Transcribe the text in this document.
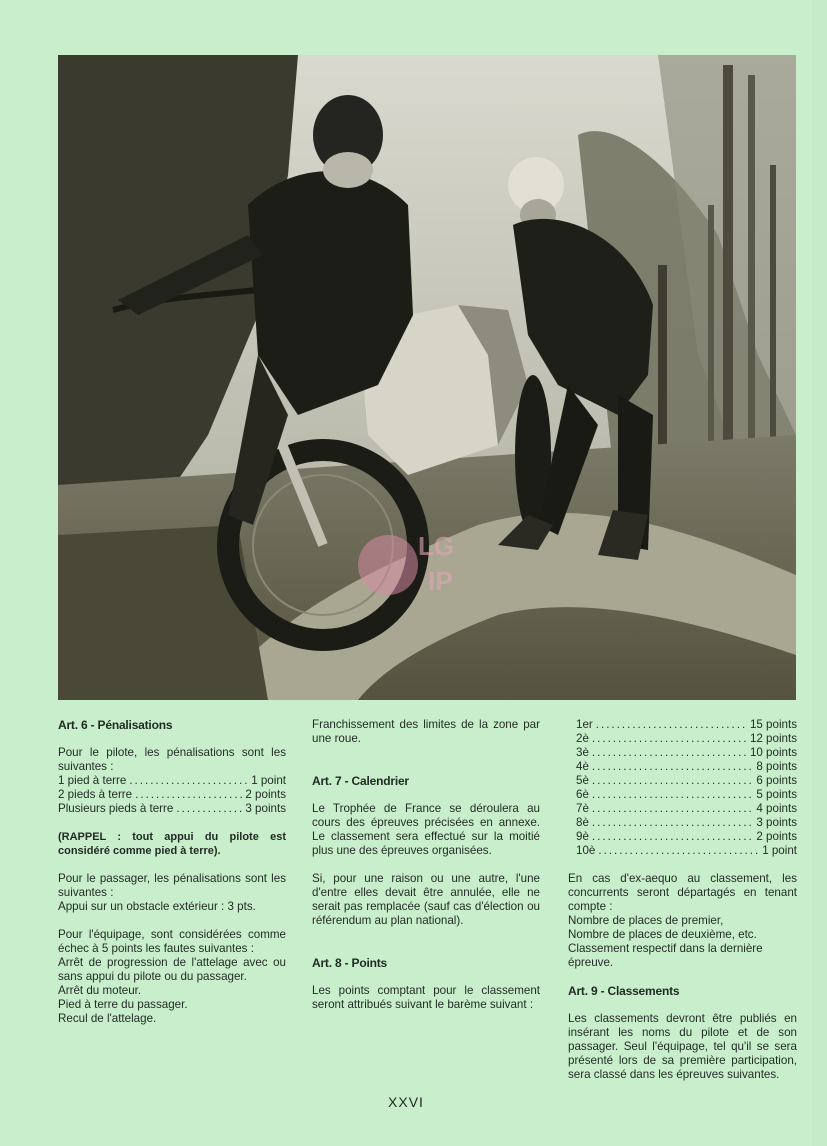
LG
IP
Art. 6 - Pénalisations

Pour le pilote, les pénalisations sont les suivantes :

1 pied à terre .....	1 point
2 pieds à terre .....	2 points
Plusieurs pieds à terre .....	3 points

(RAPPEL : tout appui du pilote est considéré comme pied à terre).

Pour le passager, les pénalisations sont les suivantes :

Appui sur un obstacle extérieur : 3 pts.

Pour l'équipage, sont considérées comme échec à 5 points les fautes suivantes :

Arrêt de progression de l'attelage avec ou sans appui du pilote ou du passager.
Arrêt du moteur.
Pied à terre du passager.
Recul de l'attelage.

Franchissement des limites de la zone par une roue.

Art. 7 - Calendrier

Le Trophée de France se déroulera au cours des épreuves précisées en annexe. Le classement sera effectué sur la moitié plus une des épreuves organisées.

Si, pour une raison ou une autre, l'une d'entre elles devait être annulée, elle ne serait pas remplacée (sauf cas d'élection ou référendum au plan national).

Art. 8 - Points

Les points comptant pour le classement seront attribués suivant le barème suivant :

1er .....	15 points
2è .....	12 points
3è .....	10 points
4è .....	8 points
5è .....	6 points
6è .....	5 points
7è .....	4 points
8è .....	3 points
9è .....	2 points
10è .....	1 point

En cas d'ex-aequo au classement, les concurrents seront départagés en tenant compte :

Nombre de places de premier,
Nombre de places de deuxième, etc.
Classement respectif dans la dernière épreuve.
Art. 9 - Classements

Les classements devront être publiés en insérant les noms du pilote et de son passager. Seul l'équipage, tel qu'il se sera présenté lors de sa première participation, sera classé dans les épreuves suivantes.

XXVI
